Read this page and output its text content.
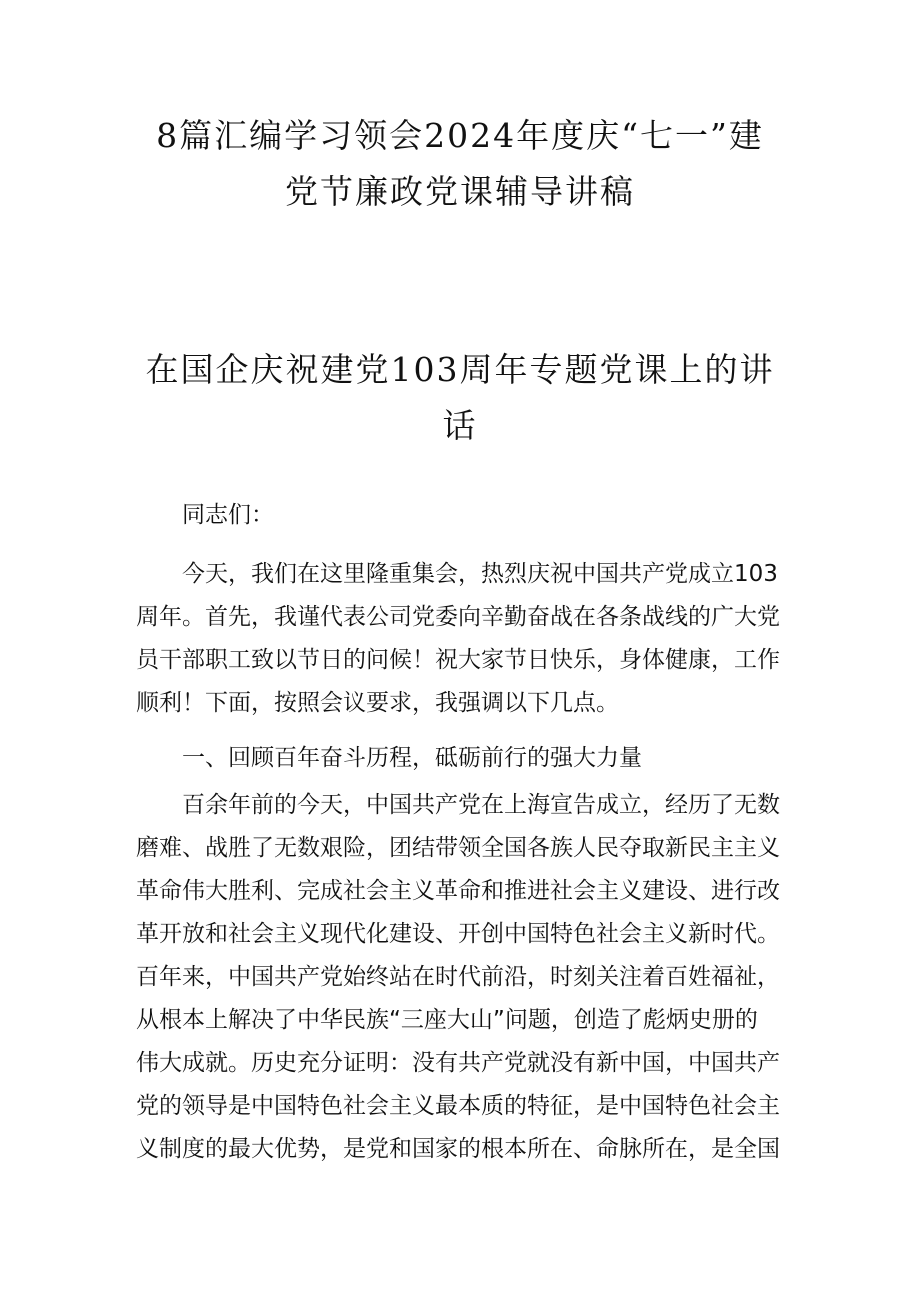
8篇汇编学习领会2024年度庆“七一”建
党节廉政党课辅导讲稿
在国企庆祝建党103周年专题党课上的讲
话

同志们：

今天，我们在这里隆重集会，热烈庆祝中国共产党成立103
周年。首先，我谨代表公司党委向辛勤奋战在各条战线的广大党
员干部职工致以节日的问候！祝大家节日快乐，身体健康，工作
顺利！下面，按照会议要求，我强调以下几点。

一、回顾百年奋斗历程，砥砺前行的强大力量

百余年前的今天，中国共产党在上海宣告成立，经历了无数
磨难、战胜了无数艰险，团结带领全国各族人民夺取新民主主义
革命伟大胜利、完成社会主义革命和推进社会主义建设、进行改
革开放和社会主义现代化建设、开创中国特色社会主义新时代。
百年来，中国共产党始终站在时代前沿，时刻关注着百姓福祉，
从根本上解决了中华民族“三座大山”问题，创造了彪炳史册的
伟大成就。历史充分证明：没有共产党就没有新中国，中国共产
党的领导是中国特色社会主义最本质的特征，是中国特色社会主
义制度的最大优势，是党和国家的根本所在、命脉所在，是全国
